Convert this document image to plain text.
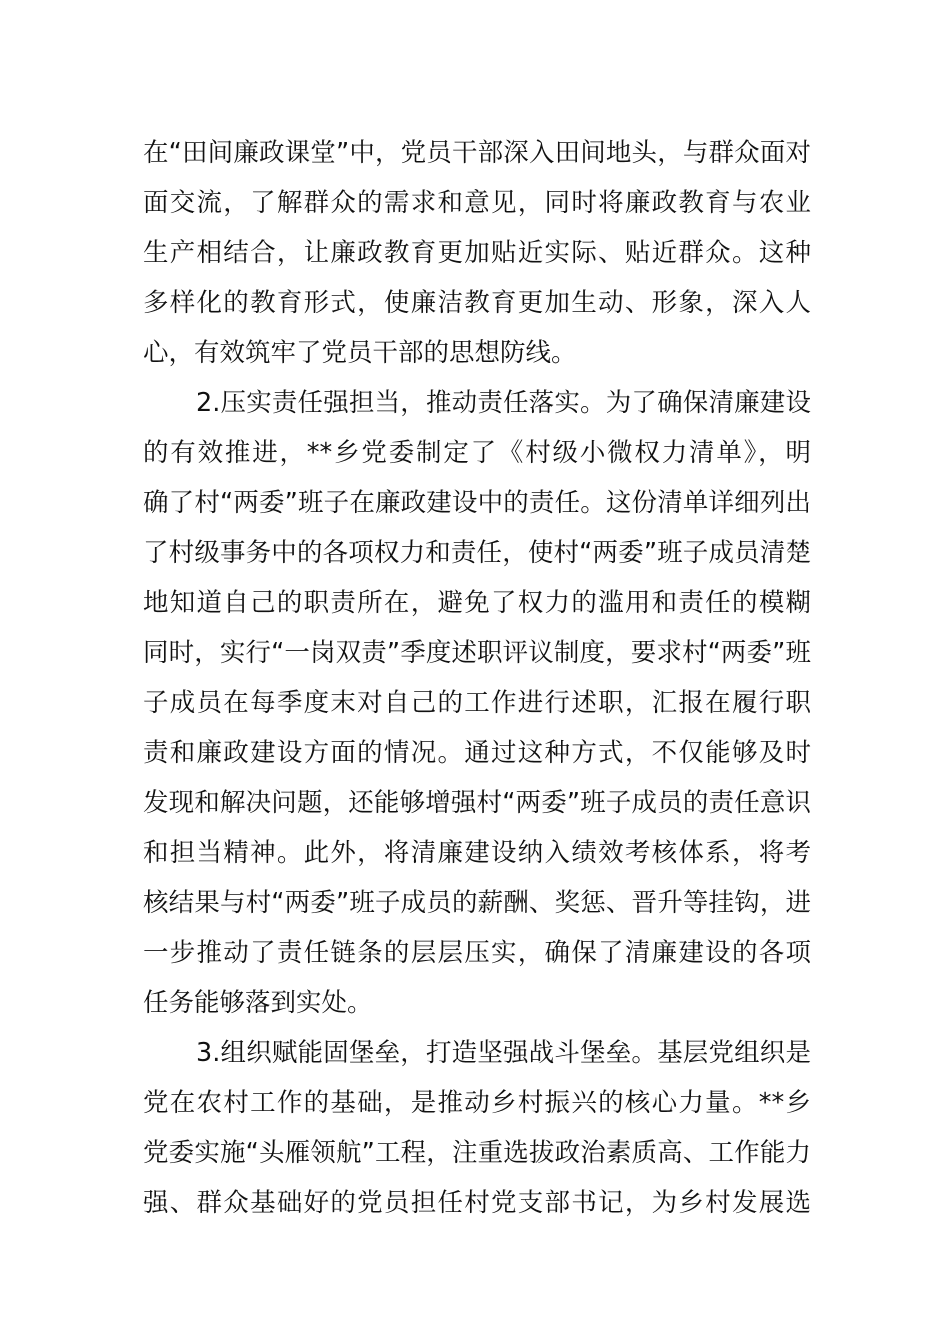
在“田间廉政课堂”中，党员干部深入田间地头，与群众面对
面交流，了解群众的需求和意见，同时将廉政教育与农业
生产相结合，让廉政教育更加贴近实际、贴近群众。这种
多样化的教育形式，使廉洁教育更加生动、形象，深入人
心，有效筑牢了党员干部的思想防线。
2.压实责任强担当，推动责任落实。为了确保清廉建设
的有效推进，**乡党委制定了《村级小微权力清单》，明
确了村“两委”班子在廉政建设中的责任。这份清单详细列出
了村级事务中的各项权力和责任，使村“两委”班子成员清楚
地知道自己的职责所在，避免了权力的滥用和责任的模糊
同时，实行“一岗双责”季度述职评议制度，要求村“两委”班
子成员在每季度末对自己的工作进行述职，汇报在履行职
责和廉政建设方面的情况。通过这种方式，不仅能够及时
发现和解决问题，还能够增强村“两委”班子成员的责任意识
和担当精神。此外，将清廉建设纳入绩效考核体系，将考
核结果与村“两委”班子成员的薪酬、奖惩、晋升等挂钩，进
一步推动了责任链条的层层压实，确保了清廉建设的各项
任务能够落到实处。
3.组织赋能固堡垒，打造坚强战斗堡垒。基层党组织是
党在农村工作的基础，是推动乡村振兴的核心力量。**乡
党委实施“头雁领航”工程，注重选拔政治素质高、工作能力
强、群众基础好的党员担任村党支部书记，为乡村发展选
